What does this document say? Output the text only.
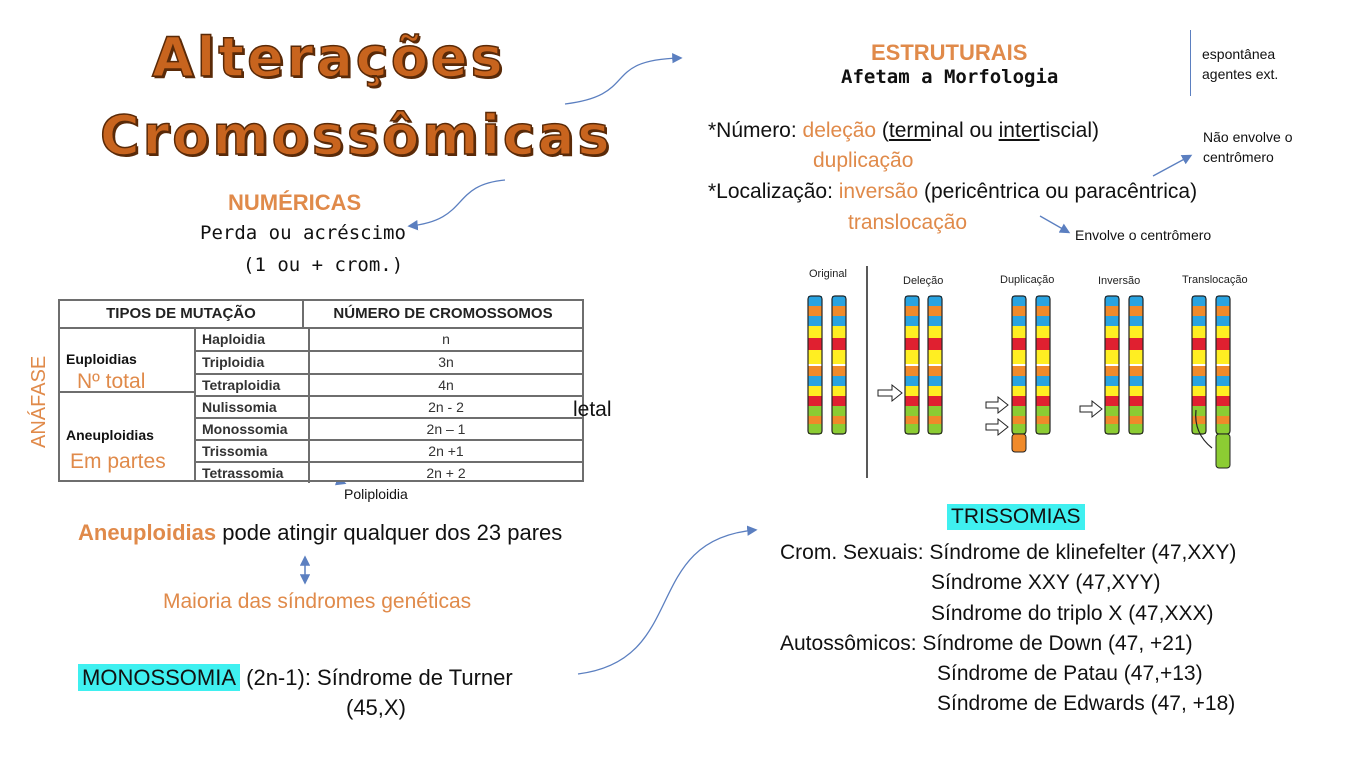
Alterações
Cromossômicas
NUMÉRICAS
Perda ou acréscimo
(1 ou + crom.)
TIPOS DE MUTAÇÃO	NÚMERO DE CROMOSSOMOS
Euploidias
Aneuploidias
Haploidia	n
Triploidia	3n
Tetraploidia	4n
Nulissomia	2n - 2
Monossomia	2n – 1
Trissomia	2n +1
Tetrassomia	2n + 2
Nº total
Em partes
ANÁFASE	letal
Poliploidia
Aneuploidias pode atingir qualquer dos 23 pares
Maioria das síndromes genéticas
MONOSSOMIA (2n-1): Síndrome de Turner
(45,X)
ESTRUTURAIS
Afetam a Morfologia
espontânea
agentes ext.
*Número: deleção (terminal ou intertiscial)
duplicação
*Localização: inversão (pericêntrica ou paracêntrica)
translocação
Não envolve o
centrômero
Envolve o centrômero
Original
Deleção	Duplicação	Inversão	Translocação
TRISSOMIAS
Crom. Sexuais: Síndrome de klinefelter (47,XXY)
Síndrome XXY (47,XYY)
Síndrome do triplo X (47,XXX)
Autossômicos: Síndrome de Down (47, +21)
Síndrome de Patau (47,+13)
Síndrome de Edwards (47, +18)
